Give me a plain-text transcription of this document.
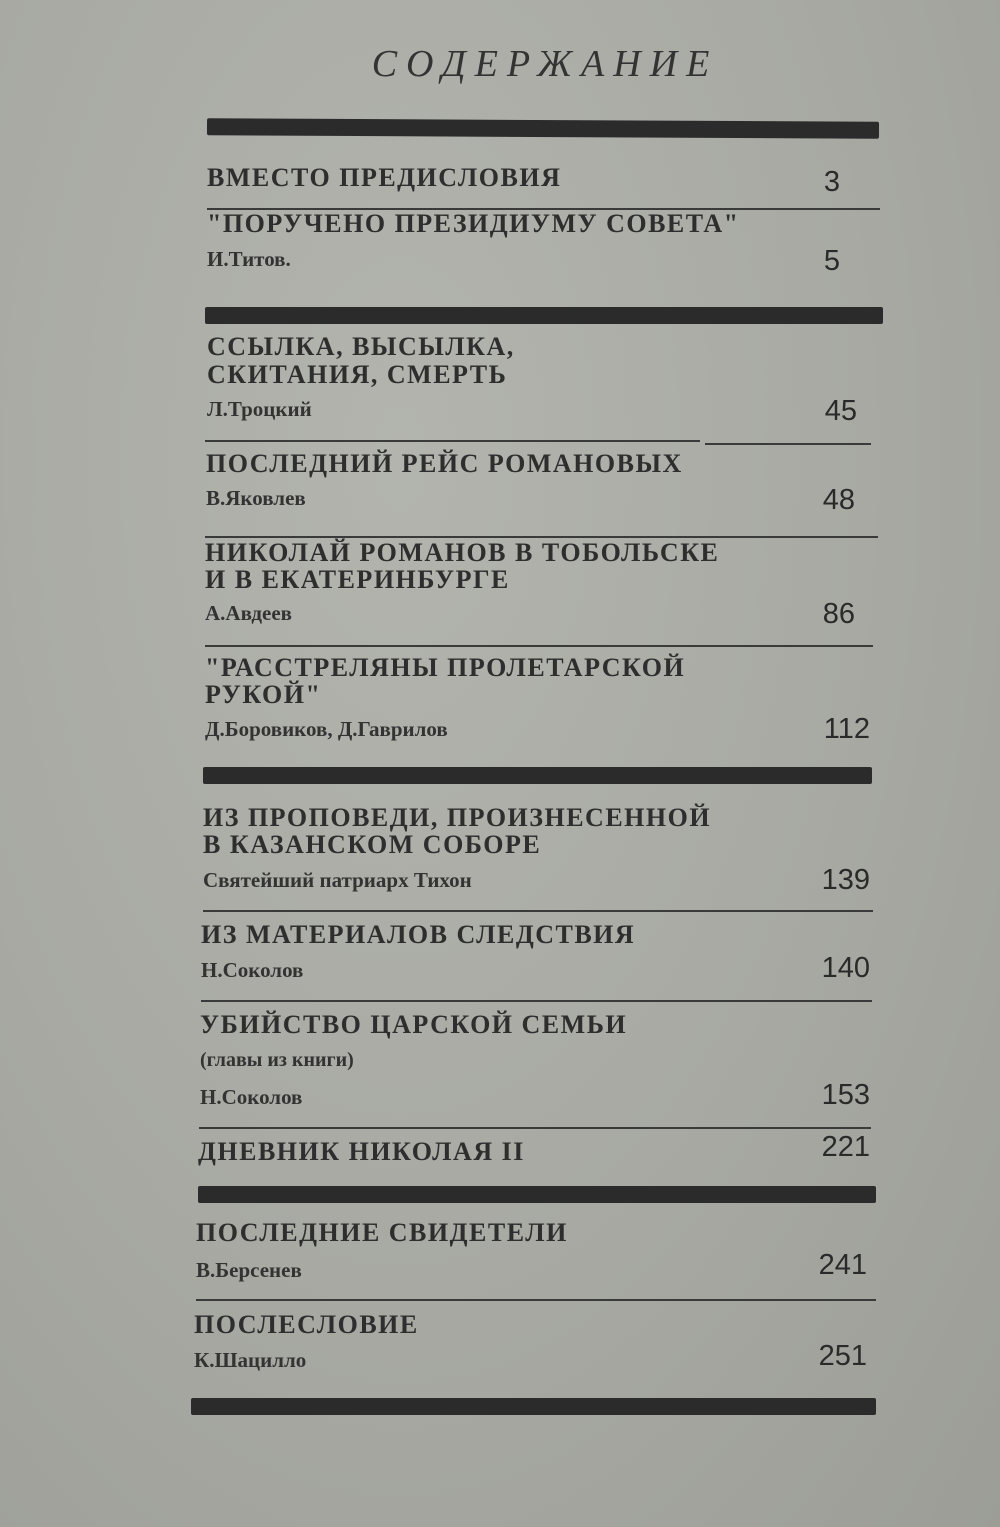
СОДЕРЖАНИЕ
ВМЕСТО ПРЕДИСЛОВИЯ	3
"ПОРУЧЕНО ПРЕЗИДИУМУ СОВЕТА"
И.Титов.	5
ССЫЛКА, ВЫСЫЛКА,
СКИТАНИЯ, СМЕРТЬ
Л.Троцкий	45
ПОСЛЕДНИЙ РЕЙС РОМАНОВЫХ
В.Яковлев	48
НИКОЛАЙ РОМАНОВ В ТОБОЛЬСКЕ
И В ЕКАТЕРИНБУРГЕ
А.Авдеев	86
"РАССТРЕЛЯНЫ ПРОЛЕТАРСКОЙ
РУКОЙ"
Д.Боровиков, Д.Гаврилов	112
ИЗ ПРОПОВЕДИ, ПРОИЗНЕСЕННОЙ
В КАЗАНСКОМ СОБОРЕ
Святейший патриарх Тихон	139
ИЗ МАТЕРИАЛОВ СЛЕДСТВИЯ
Н.Соколов	140
УБИЙСТВО ЦАРСКОЙ СЕМЬИ
(главы из книги)
Н.Соколов	153
ДНЕВНИК НИКОЛАЯ II	221
ПОСЛЕДНИЕ СВИДЕТЕЛИ
В.Берсенев	241
ПОСЛЕСЛОВИЕ
К.Шацилло	251
